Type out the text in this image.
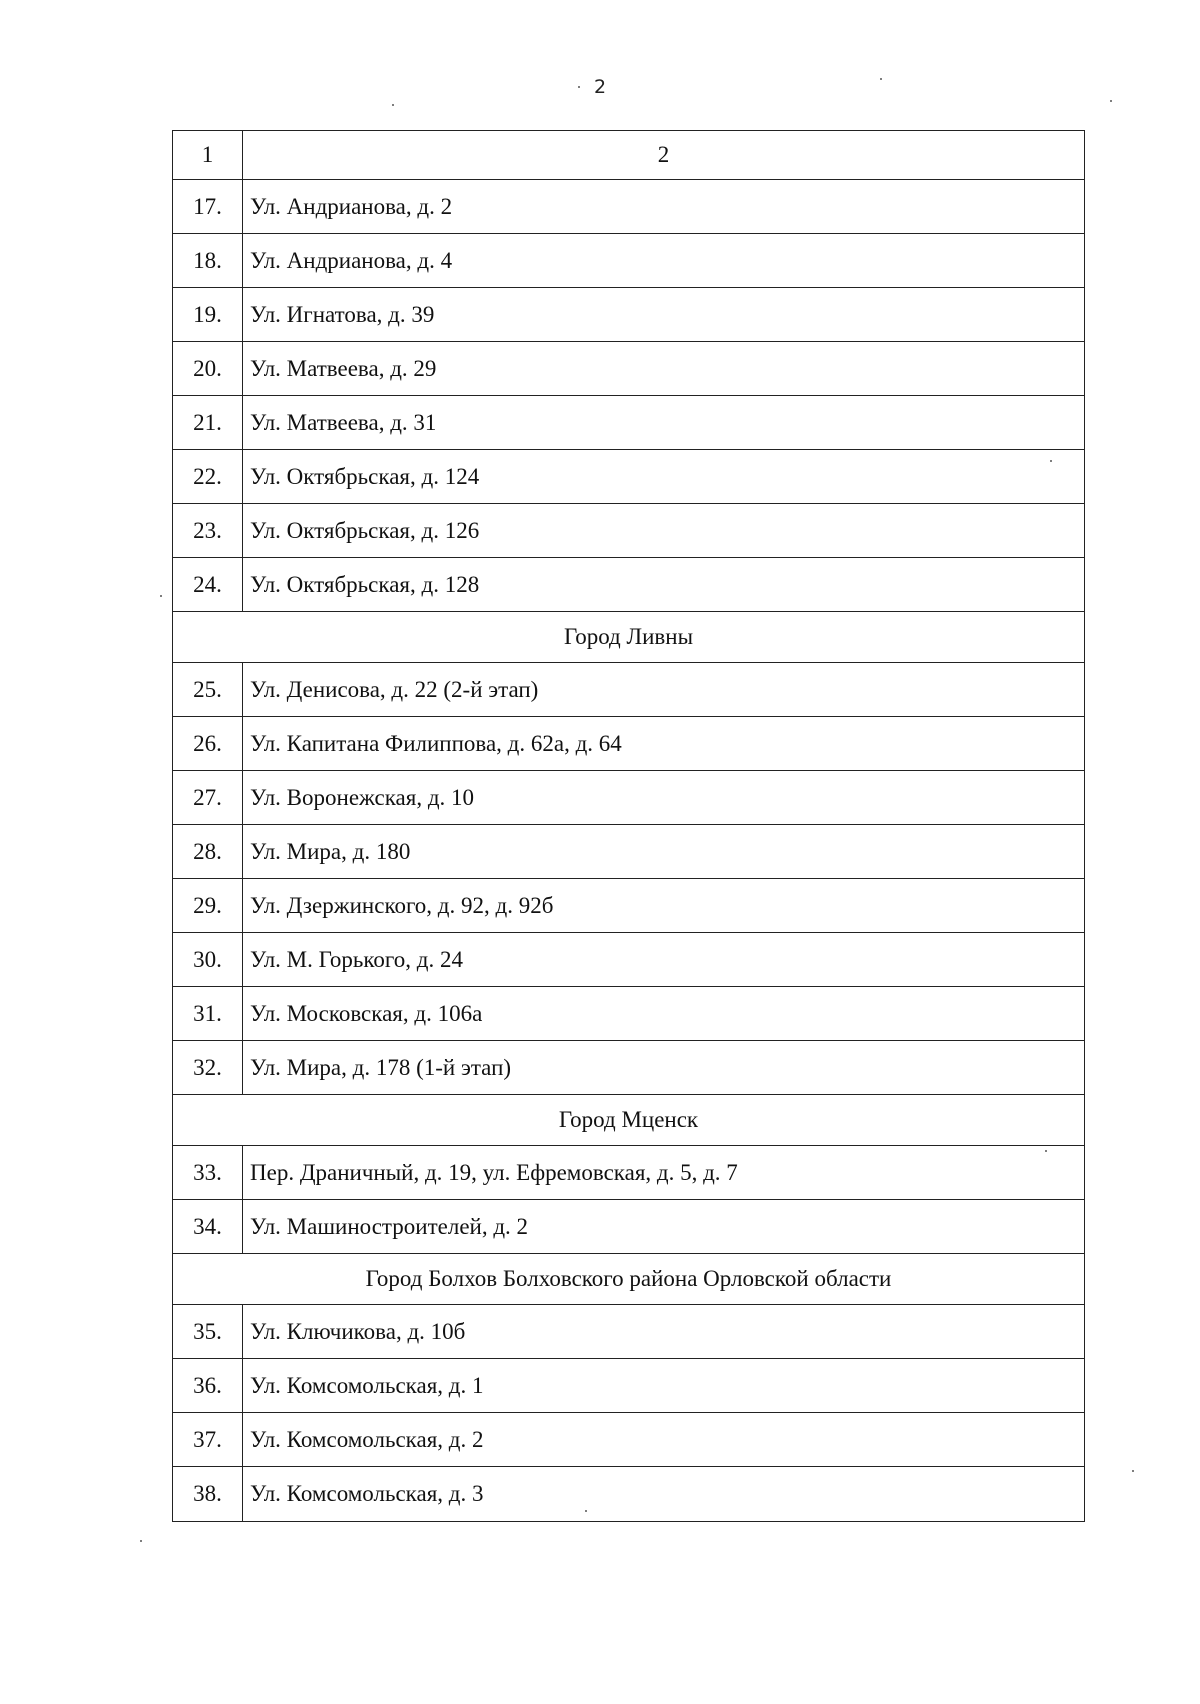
2
1	2
17.	Ул. Андрианова, д. 2
18.	Ул. Андрианова, д. 4
19.	Ул. Игнатова, д. 39
20.	Ул. Матвеева, д. 29
21.	Ул. Матвеева, д. 31
22.	Ул. Октябрьская, д. 124
23.	Ул. Октябрьская, д. 126
24.	Ул. Октябрьская, д. 128
Город Ливны
25.	Ул. Денисова, д. 22 (2-й этап)
26.	Ул. Капитана Филиппова, д. 62а, д. 64
27.	Ул. Воронежская, д. 10
28.	Ул. Мира, д. 180
29.	Ул. Дзержинского, д. 92, д. 92б
30.	Ул. М. Горького, д. 24
31.	Ул. Московская, д. 106а
32.	Ул. Мира, д. 178 (1-й этап)
Город Мценск
33.	Пер. Драничный, д. 19, ул. Ефремовская, д. 5, д. 7
34.	Ул. Машиностроителей, д. 2
Город Болхов Болховского района Орловской области
35.	Ул. Ключикова, д. 10б
36.	Ул. Комсомольская, д. 1
37.	Ул. Комсомольская, д. 2
38.	Ул. Комсомольская, д. 3
